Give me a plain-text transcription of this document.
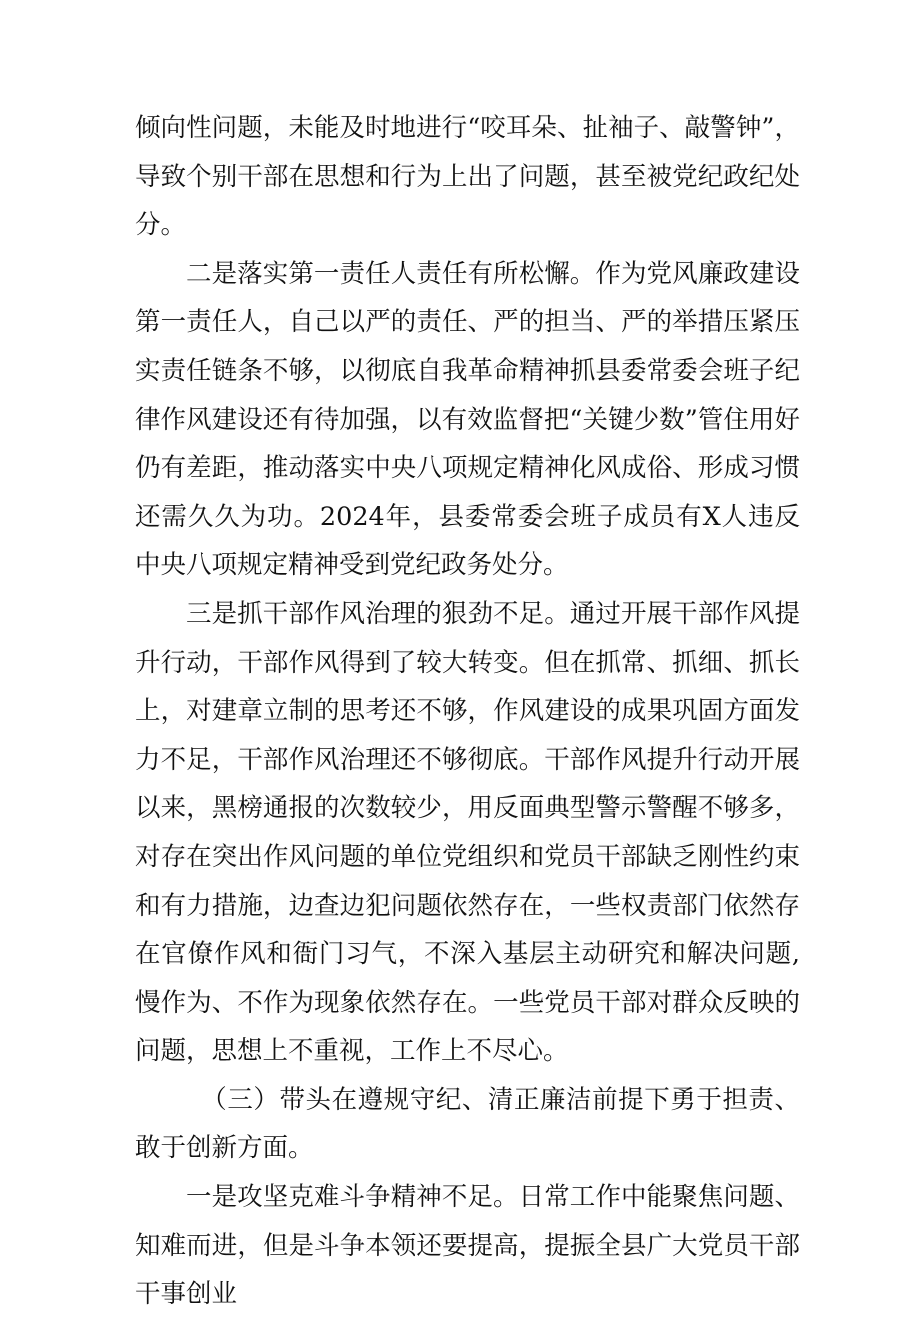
倾向性问题，未能及时地进行“咬耳朵、扯袖子、敲警钟”，导致个别干部在思想和行为上出了问题，甚至被党纪政纪处分。

二是落实第一责任人责任有所松懈。作为党风廉政建设第一责任人，自己以严的责任、严的担当、严的举措压紧压实责任链条不够，以彻底自我革命精神抓县委常委会班子纪律作风建设还有待加强，以有效监督把“关键少数”管住用好仍有差距，推动落实中央八项规定精神化风成俗、形成习惯还需久久为功。2024年，县委常委会班子成员有X人违反中央八项规定精神受到党纪政务处分。

三是抓干部作风治理的狠劲不足。通过开展干部作风提升行动，干部作风得到了较大转变。但在抓常、抓细、抓长上，对建章立制的思考还不够，作风建设的成果巩固方面发力不足，干部作风治理还不够彻底。干部作风提升行动开展以来，黑榜通报的次数较少，用反面典型警示警醒不够多，对存在突出作风问题的单位党组织和党员干部缺乏刚性约束和有力措施，边查边犯问题依然存在，一些权责部门依然存在官僚作风和衙门习气，不深入基层主动研究和解决问题,慢作为、不作为现象依然存在。一些党员干部对群众反映的问题，思想上不重视，工作上不尽心。

（三）带头在遵规守纪、清正廉洁前提下勇于担责、敢于创新方面。

一是攻坚克难斗争精神不足。日常工作中能聚焦问题、知难而进，但是斗争本领还要提高，提振全县广大党员干部干事创业
